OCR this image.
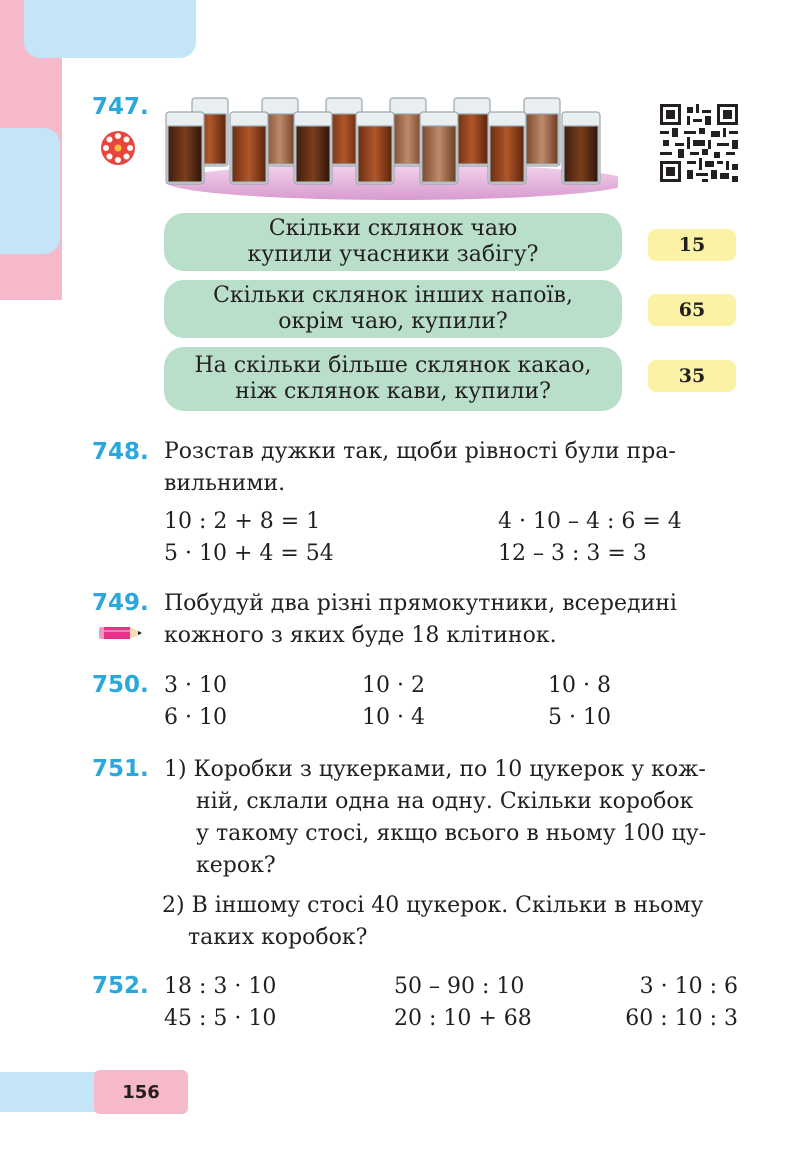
156
747.
Скільки склянок чаю
купили учасники забігу?	15
Скільки склянок інших напоїв,
окрім чаю, купили?	65
На скільки більше склянок какао,
ніж склянок кави, купили?
35
748. Розстав дужки так, щоби рівності були пра-
вильними.
10 : 2 + 8 = 1
5 · 10 + 4 = 54
4 · 10 – 4 : 6 = 4
12 – 3 : 3 = 3
749. Побудуй два різні прямокутники, всередині
кожного з яких буде 18 клітинок.
750. 3 · 10
6 · 10
10 · 2
10 · 4
10 · 8
5 · 10
751. 1) Коробки з цукерками, по 10 цукерок у кож-
ній, склали одна на одну. Скільки коробок
у такому стосі, якщо всього в ньому 100 цу-
керок?
2) В іншому стосі 40 цукерок. Скільки в ньому
таких коробок?
752. 18 : 3 · 10
45 : 5 · 10
50 – 90 : 10
20 : 10 + 68
3 · 10 : 6
60 : 10 : 3
